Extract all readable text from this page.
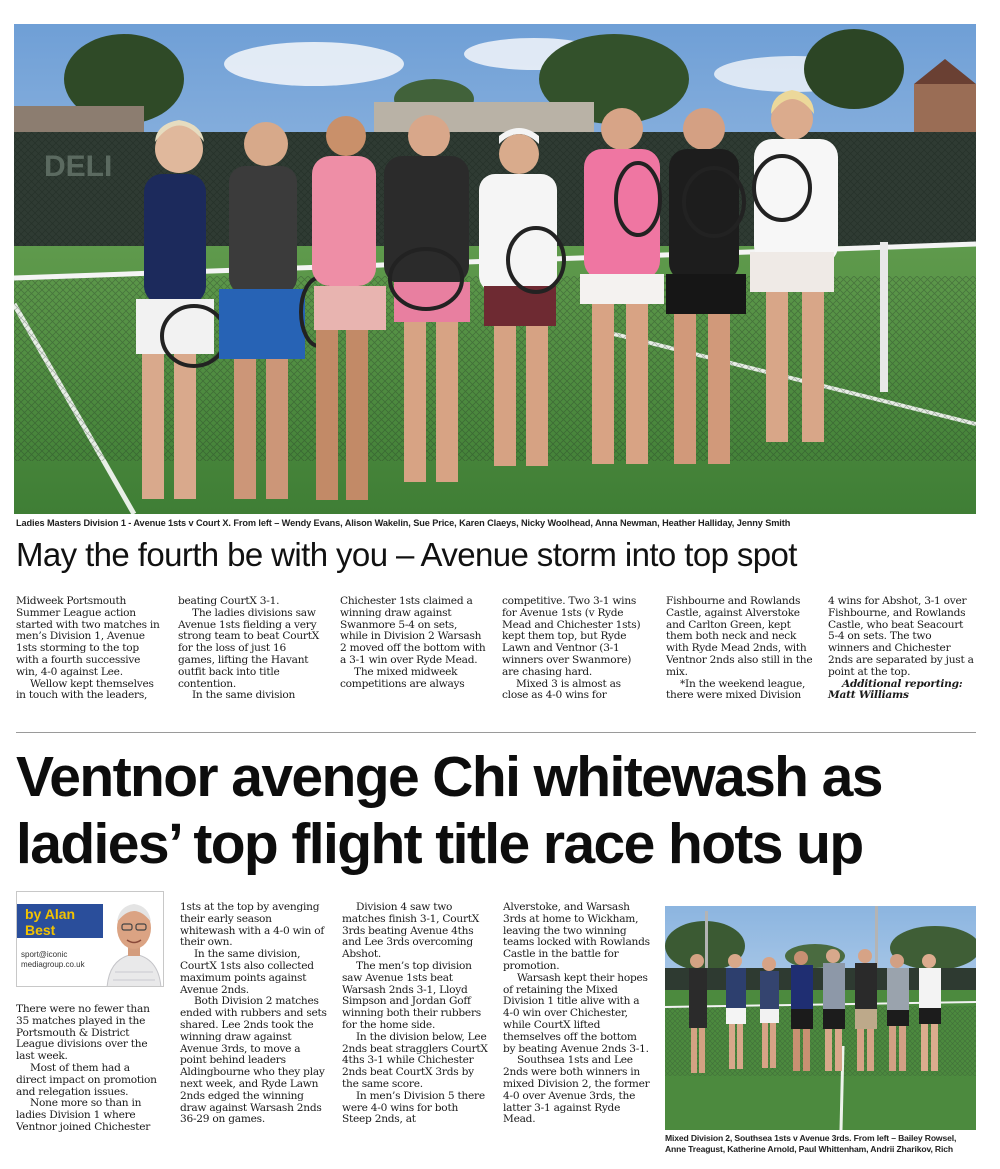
DELI
Ladies Masters Division 1 - Avenue 1sts v Court X. From left – Wendy Evans, Alison Wakelin, Sue Price, Karen Claeys, Nicky Woolhead, Anna Newman, Heather Halliday, Jenny Smith
May the fourth be with you – Avenue storm into top spot

Midweek Portsmouth Summer League action started with two matches in men’s Division 1, Avenue 1sts storming to the top with a fourth successive win, 4-0 against Lee.

Wellow kept themselves in touch with the leaders,

beating CourtX 3-1.

The ladies divisions saw Avenue 1sts fielding a very strong team to beat CourtX for the loss of just 16 games, lifting the Havant outfit back into title contention.

In the same division

Chichester 1sts claimed a winning draw against Swanmore 5-4 on sets, while in Division 2 Warsash 2 moved off the bottom with a 3-1 win over Ryde Mead.

The mixed midweek competitions are always

competitive. Two 3-1 wins for Avenue 1sts (v Ryde Mead and Chichester 1sts) kept them top, but Ryde Lawn and Ventnor (3-1 winners over Swanmore) are chasing hard.

Mixed 3 is almost as close as 4-0 wins for

Fishbourne and Rowlands Castle, against Alverstoke and Carlton Green, kept them both neck and neck with Ryde Mead 2nds, with Ventnor 2nds also still in the mix.

*In the weekend league, there were mixed Division

4 wins for Abshot, 3-1 over Fishbourne, and Rowlands Castle, who beat Seacourt 5-4 on sets. The two winners and Chichester 2nds are separated by just a point at the top.

Additional reporting: Matt Williams

Ventnor avenge Chi whitewash as
ladies’ top flight title race hots up
by Alan
Best
sport@iconic
mediagroup.co.uk

There were no fewer than 35 matches played in the Portsmouth & District League divisions over the last week.

Most of them had a direct impact on promotion and relegation issues.

None more so than in ladies Division 1 where Ventnor joined Chichester

1sts at the top by avenging their early season whitewash with a 4-0 win of their own.

In the same division, CourtX 1sts also collected maximum points against Avenue 2nds.

Both Division 2 matches ended with rubbers and sets shared. Lee 2nds took the winning draw against Avenue 3rds, to move a point behind leaders Aldingbourne who they play next week, and Ryde Lawn 2nds edged the winning draw against Warsash 2nds 36-29 on games.

Division 4 saw two matches finish 3-1, CourtX 3rds beating Avenue 4ths and Lee 3rds overcoming Abshot.

The men’s top division saw Avenue 1sts beat Warsash 2nds 3-1, Lloyd Simpson and Jordan Goff winning both their rubbers for the home side.

In the division below, Lee 2nds beat stragglers CourtX 4ths 3-1 while Chichester 2nds beat CourtX 3rds by the same score.

In men’s Division 5 there were 4-0 wins for both Steep 2nds, at

Alverstoke, and Warsash 3rds at home to Wickham, leaving the two winning teams locked with Rowlands Castle in the battle for promotion.

Warsash kept their hopes of retaining the Mixed Division 1 title alive with a 4-0 win over Chichester, while CourtX lifted themselves off the bottom by beating Avenue 2nds 3-1.

Southsea 1sts and Lee 2nds were both winners in mixed Division 2, the former 4-0 over Avenue 3rds, the latter 3-1 against Ryde Mead.

Mixed Division 2, Southsea 1sts v Avenue 3rds. From left – Bailey Rowsel, Anne Treagust, Katherine Arnold, Paul Whittenham, Andrii Zharikov, Rich
